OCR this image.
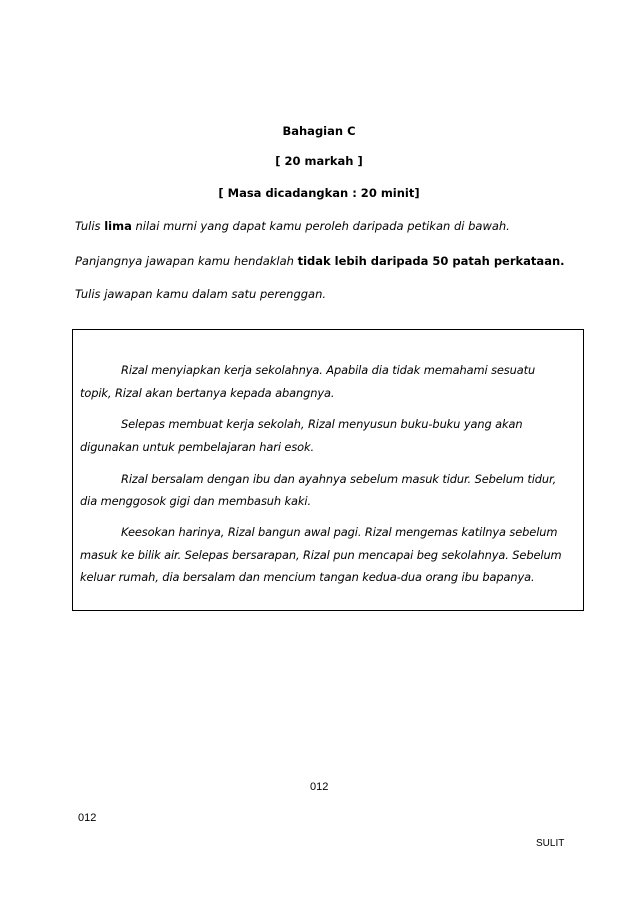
Bahagian C
[ 20 markah ]
[ Masa dicadangkan : 20 minit]
Tulis lima nilai murni yang dapat kamu peroleh daripada petikan di bawah.
Panjangnya jawapan kamu hendaklah tidak lebih daripada 50 patah perkataan.
Tulis jawapan kamu dalam satu perenggan.
Rizal menyiapkan kerja sekolahnya. Apabila dia tidak memahami sesuatu
topik, Rizal akan bertanya kepada abangnya.
Selepas membuat kerja sekolah, Rizal menyusun buku-buku yang akan
digunakan untuk pembelajaran hari esok.
Rizal bersalam dengan ibu dan ayahnya sebelum masuk tidur. Sebelum tidur,
dia menggosok gigi dan membasuh kaki.
Keesokan harinya, Rizal bangun awal pagi. Rizal mengemas katilnya sebelum
masuk ke bilik air. Selepas bersarapan, Rizal pun mencapai beg sekolahnya. Sebelum
keluar rumah, dia bersalam dan mencium tangan kedua-dua orang ibu bapanya.
012
012
SULIT
